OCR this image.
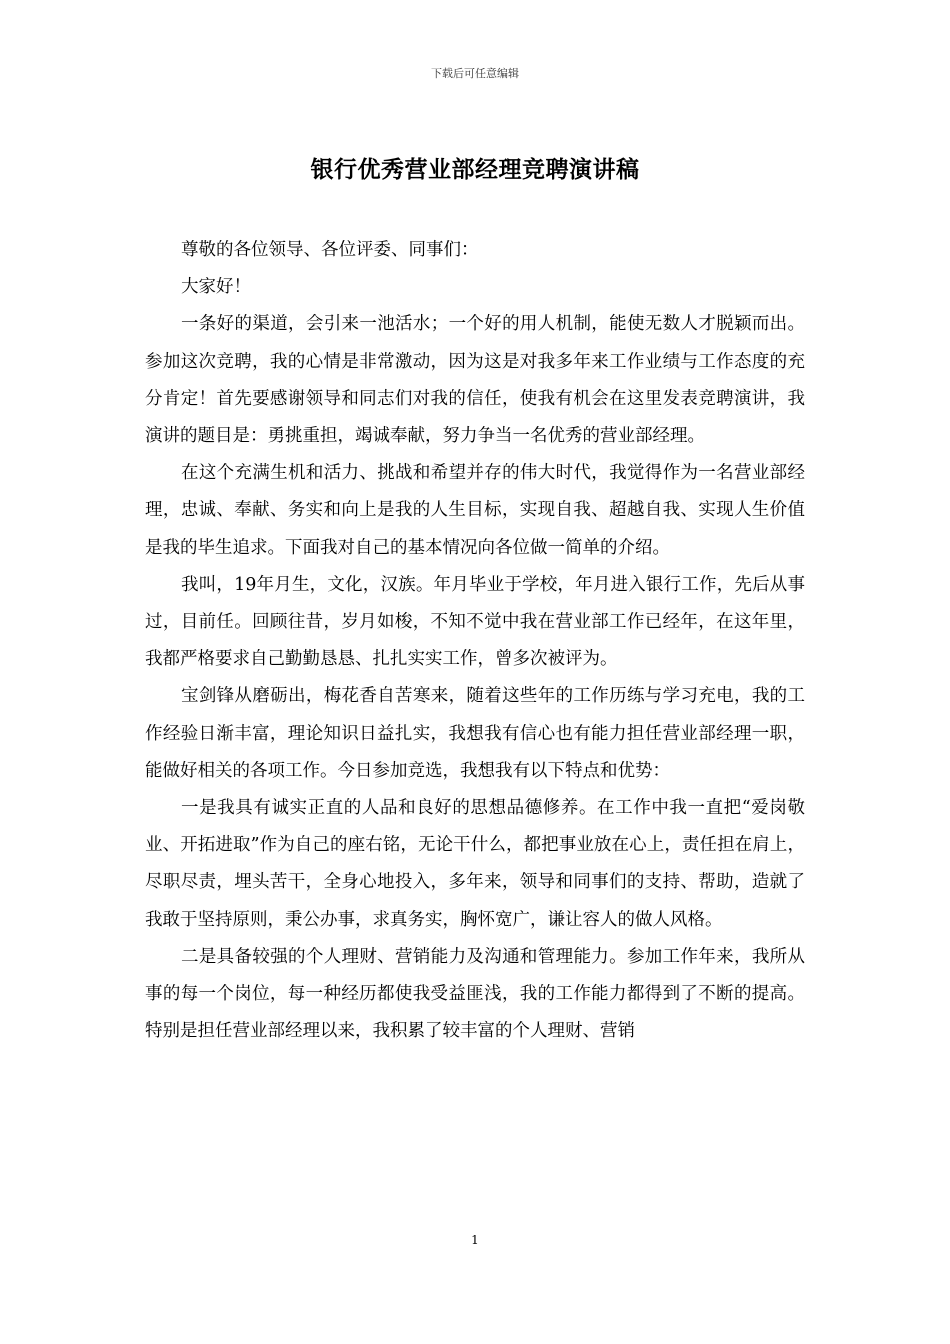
下载后可任意编辑
银行优秀营业部经理竞聘演讲稿

尊敬的各位领导、各位评委、同事们：

大家好！

一条好的渠道，会引来一池活水；一个好的用人机制，能使无数人才脱颖而出。参加这次竞聘，我的心情是非常激动，因为这是对我多年来工作业绩与工作态度的充分肯定！首先要感谢领导和同志们对我的信任，使我有机会在这里发表竞聘演讲，我演讲的题目是：勇挑重担，竭诚奉献，努力争当一名优秀的营业部经理。

在这个充满生机和活力、挑战和希望并存的伟大时代，我觉得作为一名营业部经理，忠诚、奉献、务实和向上是我的人生目标，实现自我、超越自我、实现人生价值是我的毕生追求。下面我对自己的基本情况向各位做一简单的介绍。

我叫，19年月生，文化，汉族。年月毕业于学校，年月进入银行工作，先后从事过，目前任。回顾往昔，岁月如梭，不知不觉中我在营业部工作已经年，在这年里，我都严格要求自己勤勤恳恳、扎扎实实工作，曾多次被评为。

宝剑锋从磨砺出，梅花香自苦寒来，随着这些年的工作历练与学习充电，我的工作经验日渐丰富，理论知识日益扎实，我想我有信心也有能力担任营业部经理一职，能做好相关的各项工作。今日参加竞选，我想我有以下特点和优势：

一是我具有诚实正直的人品和良好的思想品德修养。在工作中我一直把“爱岗敬业、开拓进取”作为自己的座右铭，无论干什么，都把事业放在心上，责任担在肩上，尽职尽责，埋头苦干，全身心地投入，多年来，领导和同事们的支持、帮助，造就了我敢于坚持原则，秉公办事，求真务实，胸怀宽广，谦让容人的做人风格。

二是具备较强的个人理财、营销能力及沟通和管理能力。参加工作年来，我所从事的每一个岗位，每一种经历都使我受益匪浅，我的工作能力都得到了不断的提高。特别是担任营业部经理以来，我积累了较丰富的个人理财、营销

1
